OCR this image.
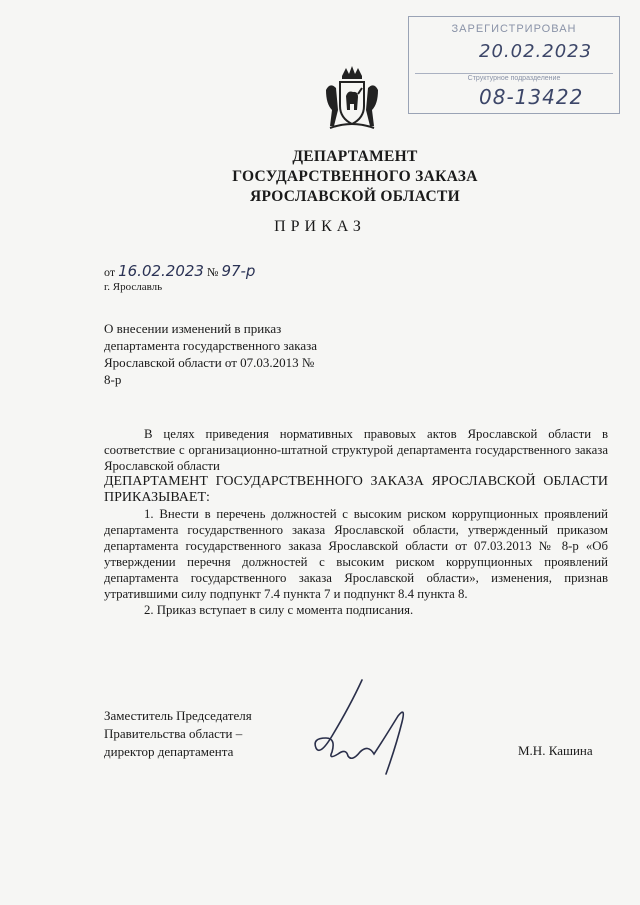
ЗАРЕГИСТРИРОВАН
20.02.2023
Структурное подразделение
08-13422
ДЕПАРТАМЕНТ
ГОСУДАРСТВЕННОГО ЗАКАЗА
ЯРОСЛАВСКОЙ ОБЛАСТИ
ПРИКАЗ
от 16.02.2023 № 97-р
г. Ярославль
О внесении изменений в приказ департамента государственного заказа Ярославской области от 07.03.2013 № 8-р

В целях приведения нормативных правовых актов Ярославской области в соответствие с организационно-штатной структурой департамента государственного заказа Ярославской области

ДЕПАРТАМЕНТ ГОСУДАРСТВЕННОГО ЗАКАЗА ЯРОСЛАВСКОЙ ОБЛАСТИ ПРИКАЗЫВАЕТ:

1. Внести в перечень должностей с высоким риском коррупционных проявлений департамента государственного заказа Ярославской области, утвержденный приказом департамента государственного заказа Ярославской области от 07.03.2013 № 8-р «Об утверждении перечня должностей с высоким риском коррупционных проявлений департамента государственного заказа Ярославской области», изменения, признав утратившими силу подпункт 7.4 пункта 7 и подпункт 8.4 пункта 8.

2. Приказ вступает в силу с момента подписания.

Заместитель Председателя
Правительства области –
директор департамента	М.Н. Кашина
